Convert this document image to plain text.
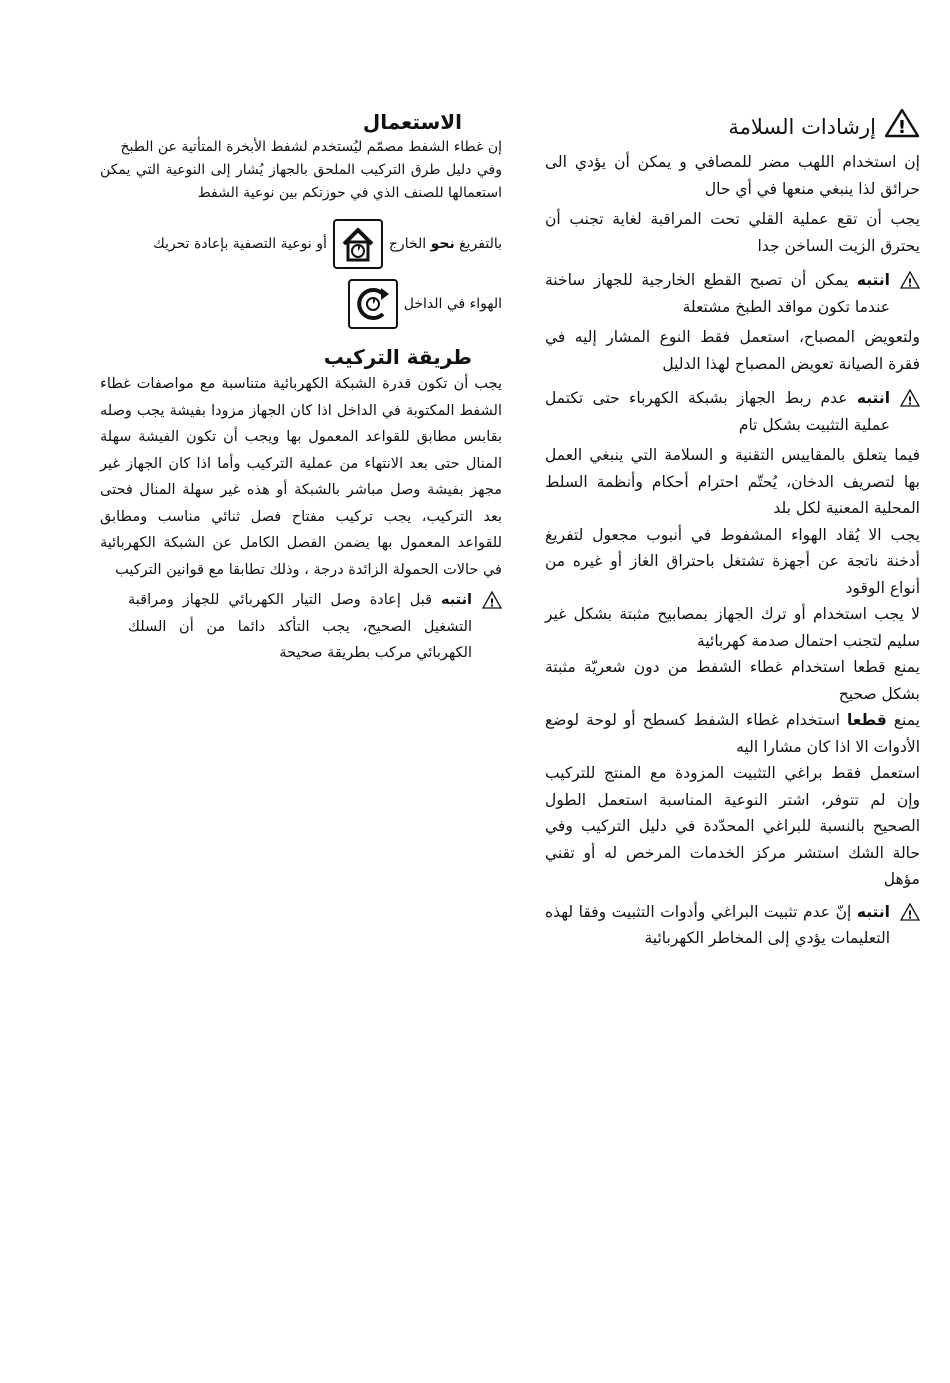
!
إرشادات السلامة

إن استخدام اللهب مضر للمصافي و يمكن أن يؤدي الى حرائق لذا ينبغي منعها في أي حال

يجب أن تقع عملية القلي تحت المراقبة لغاية تجنب أن يحترق الزيت الساخن جدا

!

انتبه يمكن أن تصبح القطع الخارجية للجهاز ساخنة عندما تكون مواقد الطبخ مشتعلة

ولتعويض المصباح، استعمل فقط النوع المشار إليه في فقرة الصيانة تعويض المصباح لهذا الدليل

!

انتبه عدم ربط الجهاز بشبكة الكهرباء حتى تكتمل عملية التثبيت بشكل تام

فيما يتعلق بالمقاييس التقنية و السلامة التي ينبغي العمل بها لتصريف الدخان، يُحتّم احترام أحكام وأنظمة السلط المحلية المعنية لكل بلد

يجب الا يُقاد الهواء المشفوط في أنبوب مجعول لتفريغ أدخنة ناتجة عن أجهزة تشتغل باحتراق الغاز أو غيره من أنواع الوقود

لا يجب استخدام أو ترك الجهاز بمصابيح مثبتة بشكل غير سليم لتجنب احتمال صدمة كهربائية

يمنع قطعا استخدام غطاء الشفط من دون شعريّة مثبتة بشكل صحيح

يمنع قطعا استخدام غطاء الشفط كسطح أو لوحة لوضع الأدوات الا اذا كان مشارا اليه

استعمل فقط براغي التثبيت المزودة مع المنتج للتركيب وإن لم تتوفر، اشتر النوعية المناسبة استعمل الطول الصحيح بالنسبة للبراغي المحدّدة في دليل التركيب وفي حالة الشك استشر مركز الخدمات المرخص له أو تقني مؤهل

!

انتبه إنّ عدم تثبيت البراغي وأدوات التثبيت وفقا لهذه التعليمات يؤدي إلى المخاطر الكهربائية

الاستعمال

إن غطاء الشفط مصمّم ليُستخدم لشفط الأبخرة المتأتية عن الطبخ

وفي دليل طرق التركيب الملحق بالجهاز يُشار إلى النوعية التي يمكن استعمالها للصنف الذي في حوزتكم بين نوعية الشفط

بالتفريغ نحو الخارج
أو نوعية التصفية بإعادة تحريك
الهواء في الداخل
طريقة التركيب

يجب أن تكون قدرة الشبكة الكهربائية متناسبة مع مواصفات غطاء الشفط المكتوبة في الداخل اذا كان الجهاز مزودا بفيشة يجب وصله بقابس مطابق للقواعد المعمول بها ويجب أن تكون الفيشة سهلة المنال حتى بعد الانتهاء من عملية التركيب وأما اذا كان الجهاز غير مجهز بفيشة وصل مباشر بالشبكة أو هذه غير سهلة المنال فحتى بعد التركيب، يجب تركيب مفتاح فصل ثنائي مناسب ومطابق للقواعد المعمول بها يضمن الفصل الكامل عن الشبكة الكهربائية في حالات الحمولة الزائدة درجة ، وذلك تطابقا مع قوانين التركيب

!

انتبه قبل إعادة وصل التيار الكهربائي للجهاز ومراقبة التشغيل الصحيح، يجب التأكد دائما من أن السلك الكهربائي مركب بطريقة صحيحة
